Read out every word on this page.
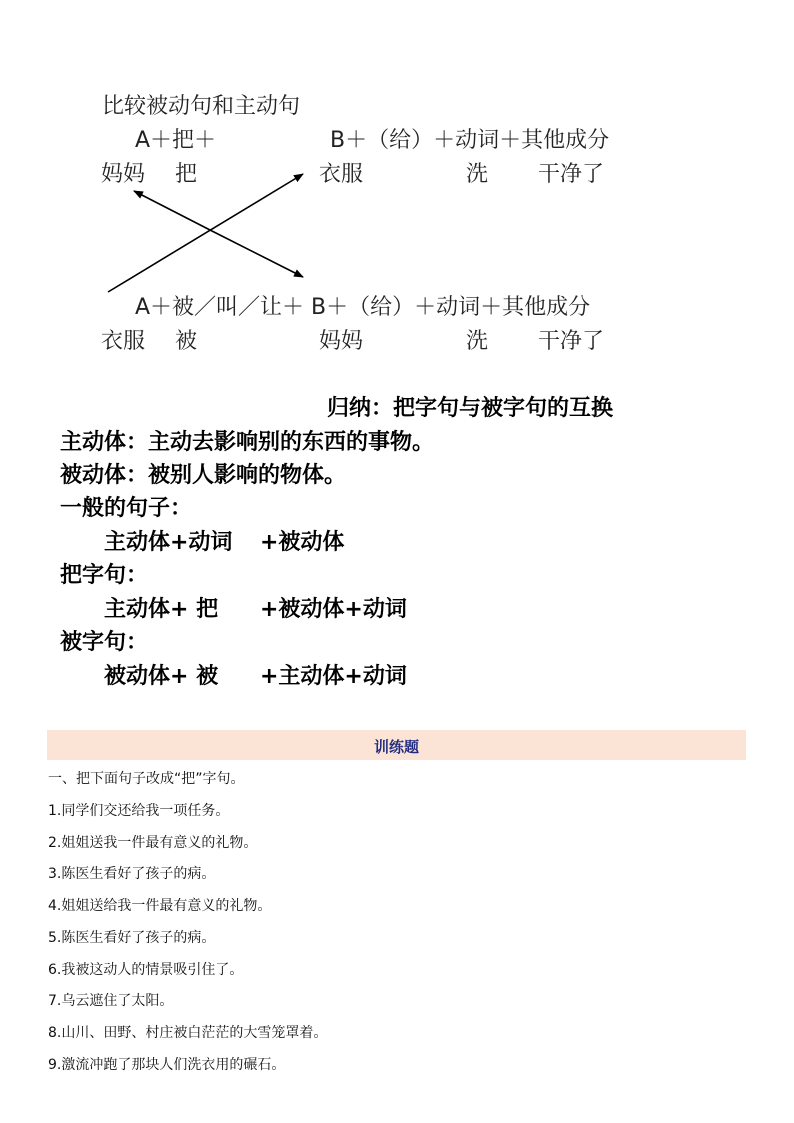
比较被动句和主动句
A＋把＋	B＋（给）＋动词＋其他成分
妈妈 把	衣服	洗 干净了
A＋被／叫／让＋ B＋（给）＋动词＋其他成分
衣服 被	妈妈	洗 干净了
归纳：把字句与被字句的互换
主动体：主动去影响别的东西的事物。
被动体：被别人影响的物体。
一般的句子：
主动体+动词 +被动体
把字句：
主动体+ 把 +被动体+动词
被字句：
被动体+ 被 +主动体+动词
训练题
一、把下面句子改成“把”字句。
1.同学们交还给我一项任务。
2.姐姐送我一件最有意义的礼物。
3.陈医生看好了孩子的病。
4.姐姐送给我一件最有意义的礼物。
5.陈医生看好了孩子的病。
6.我被这动人的情景吸引住了。
7.乌云遮住了太阳。
8.山川、田野、村庄被白茫茫的大雪笼罩着。
9.激流冲跑了那块人们洗衣用的碾石。
